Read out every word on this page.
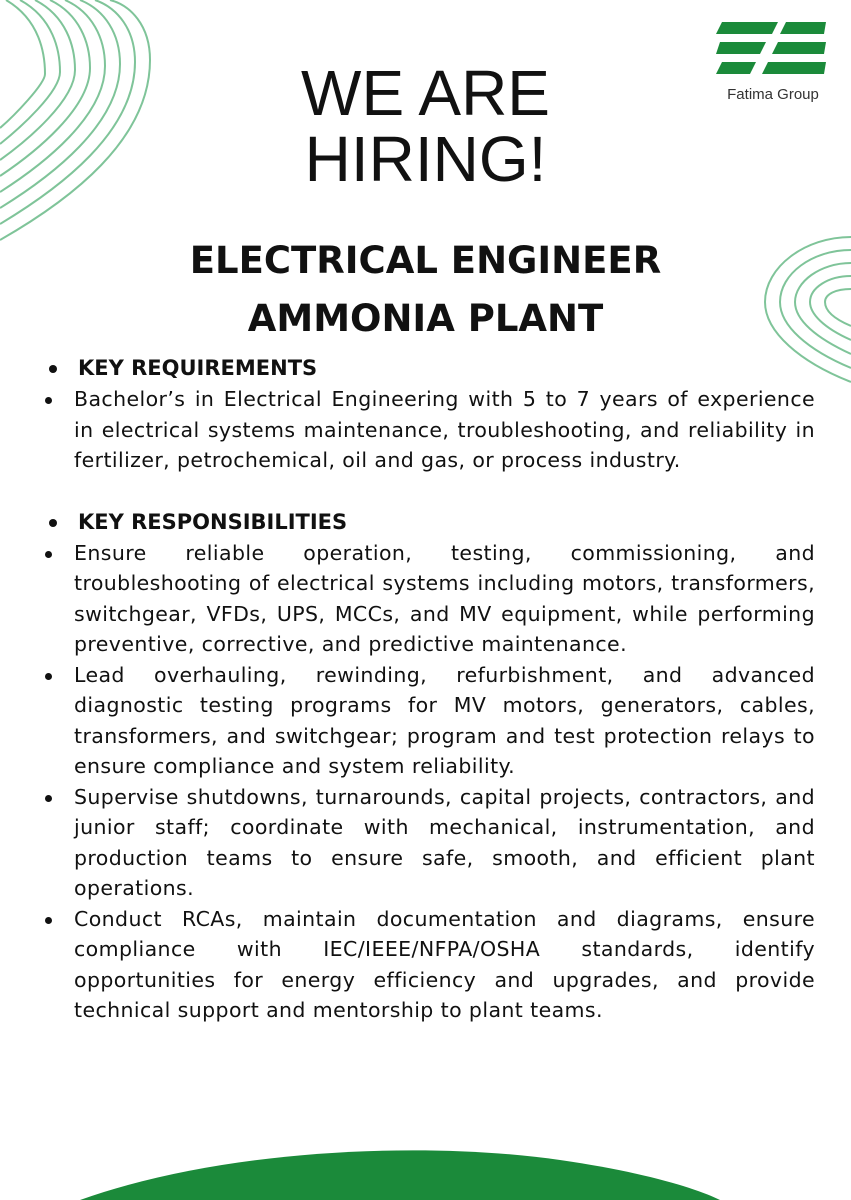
Fatima Group
WE ARE
HIRING!
ELECTRICAL ENGINEER
AMMONIA PLANT
KEY REQUIREMENTS
Bachelor’s in Electrical Engineering with 5 to 7 years of experience in electrical systems maintenance, troubleshooting, and reliability in fertilizer, petrochemical, oil and gas, or process industry.
KEY RESPONSIBILITIES
Ensure reliable operation, testing, commissioning, and troubleshooting of electrical systems including motors, transformers, switchgear, VFDs, UPS, MCCs, and MV equipment, while performing preventive, corrective, and predictive maintenance.
Lead overhauling, rewinding, refurbishment, and advanced diagnostic testing programs for MV motors, generators, cables, transformers, and switchgear; program and test protection relays to ensure compliance and system reliability.
Supervise shutdowns, turnarounds, capital projects, contractors, and junior staff; coordinate with mechanical, instrumentation, and production teams to ensure safe, smooth, and efficient plant operations.
Conduct RCAs, maintain documentation and diagrams, ensure compliance with IEC/IEEE/NFPA/OSHA standards, identify opportunities for energy efficiency and upgrades, and provide technical support and mentorship to plant teams.
